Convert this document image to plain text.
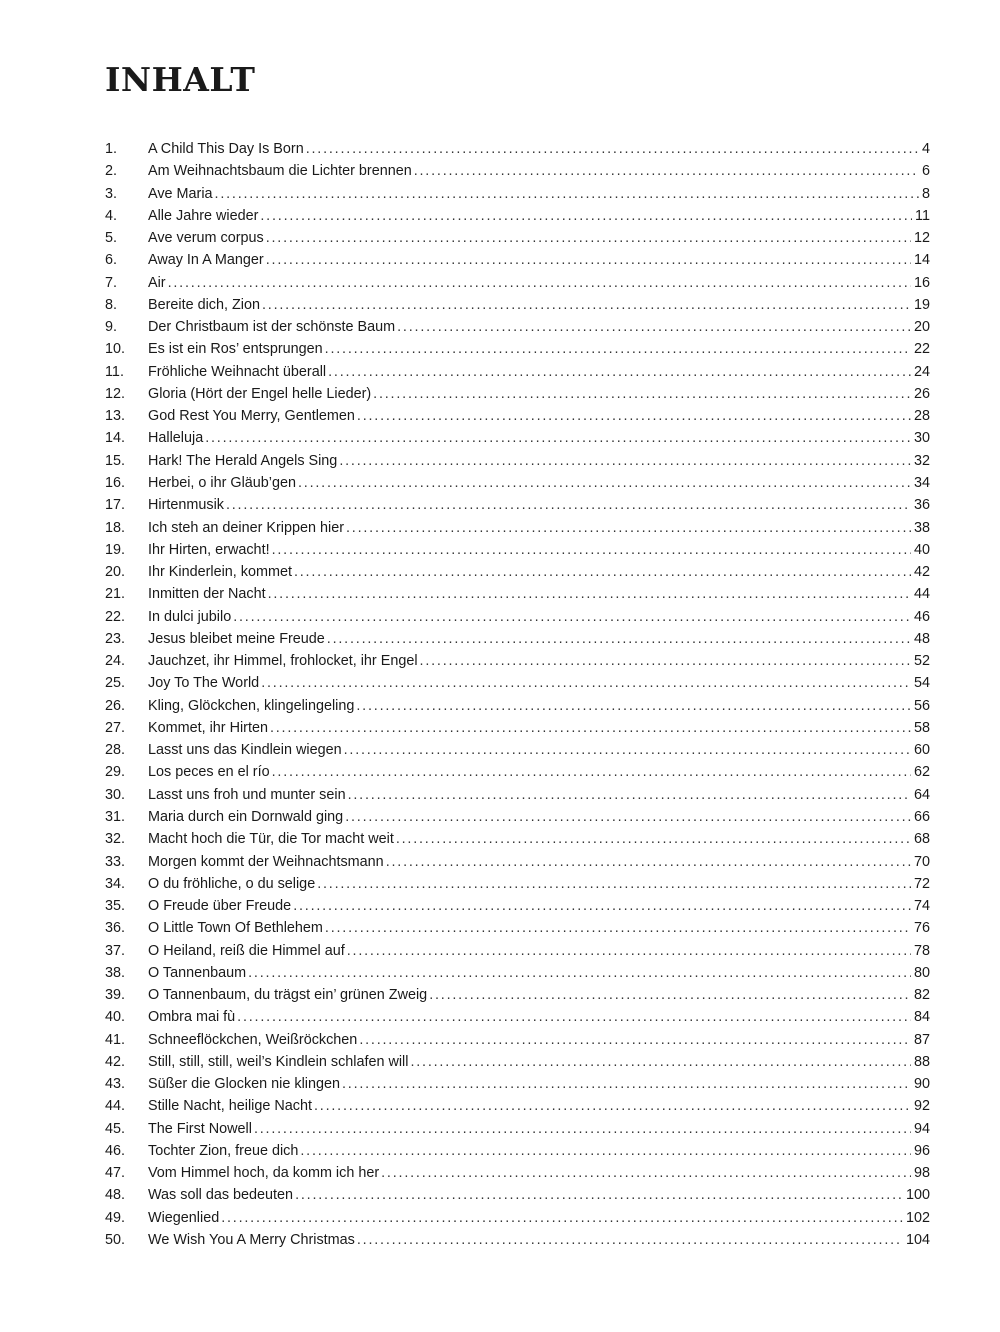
INHALT
1.	A Child This Day Is Born . . .	4
2.	Am Weihnachtsbaum die Lichter brennen . . .	6
3.	Ave Maria . . .	8
4.	Alle Jahre wieder . . .	11
5.	Ave verum corpus . . .	12
6.	Away In A Manger . . .	14
7.	Air . . .	16
8.	Bereite dich, Zion . . .	19
9.	Der Christbaum ist der schönste Baum . . .	20
10.	Es ist ein Ros’ entsprungen . . .	22
11.	Fröhliche Weihnacht überall . . .	24
12.	Gloria (Hört der Engel helle Lieder) . . .	26
13.	God Rest You Merry, Gentlemen . . .	28
14.	Halleluja . . .	30
15.	Hark! The Herald Angels Sing . . .	32
16.	Herbei, o ihr Gläub’gen . . .	34
17.	Hirtenmusik . . .	36
18.	Ich steh an deiner Krippen hier . . .	38
19.	Ihr Hirten, erwacht! . . .	40
20.	Ihr Kinderlein, kommet . . .	42
21.	Inmitten der Nacht . . .	44
22.	In dulci jubilo . . .	46
23.	Jesus bleibet meine Freude . . .	48
24.	Jauchzet, ihr Himmel, frohlocket, ihr Engel . . .	52
25.	Joy To The World . . .	54
26.	Kling, Glöckchen, klingelingeling . . .	56
27.	Kommet, ihr Hirten . . .	58
28.	Lasst uns das Kindlein wiegen . . .	60
29.	Los peces en el río . . .	62
30.	Lasst uns froh und munter sein . . .	64
31.	Maria durch ein Dornwald ging . . .	66
32.	Macht hoch die Tür, die Tor macht weit . . .	68
33.	Morgen kommt der Weihnachtsmann . . .	70
34.	O du fröhliche, o du selige . . .	72
35.	O Freude über Freude . . .	74
36.	O Little Town Of Bethlehem . . .	76
37.	O Heiland, reiß die Himmel auf . . .	78
38.	O Tannenbaum . . .	80
39.	O Tannenbaum, du trägst ein’ grünen Zweig . . .	82
40.	Ombra mai fù . . .	84
41.	Schneeflöckchen, Weißröckchen . . .	87
42.	Still, still, still, weil’s Kindlein schlafen will . . .	88
43.	Süßer die Glocken nie klingen . . .	90
44.	Stille Nacht, heilige Nacht . . .	92
45.	The First Nowell . . .	94
46.	Tochter Zion, freue dich . . .	96
47.	Vom Himmel hoch, da komm ich her . . .	98
48.	Was soll das bedeuten . . .	100
49.	Wiegenlied . . .	102
50.	We Wish You A Merry Christmas . . .	104
